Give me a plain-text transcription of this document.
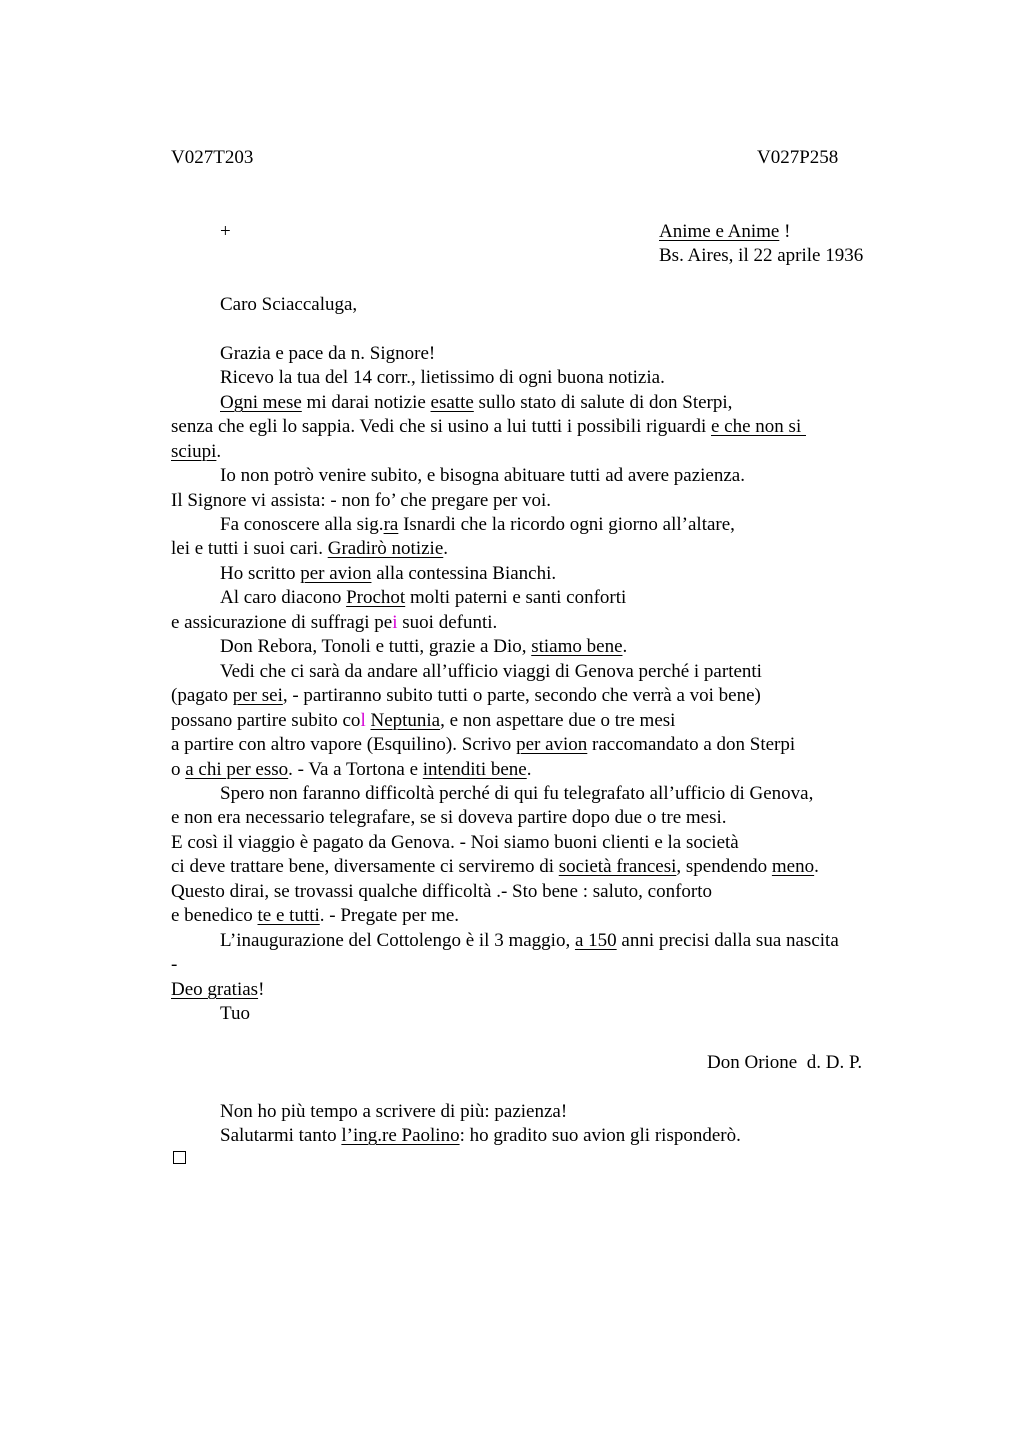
V027T203	V027P258
+	Anime e Anime !
Bs. Aires, il 22 aprile 1936
Caro Sciaccaluga,
Grazia e pace da n. Signore!
Ricevo la tua del 14 corr., lietissimo di ogni buona notizia.
Ogni mese mi darai notizie esatte sullo stato di salute di don Sterpi,
senza che egli lo sappia. Vedi che si usino a lui tutti i possibili riguardi e che non si
sciupi.
Io non potrò venire subito, e bisogna abituare tutti ad avere pazienza.
Il Signore vi assista: - non fo’ che pregare per voi.
Fa conoscere alla sig.ra Isnardi che la ricordo ogni giorno all’altare,
lei e tutti i suoi cari. Gradirò notizie.
Ho scritto per avion alla contessina Bianchi.
Al caro diacono Prochot molti paterni e santi conforti
e assicurazione di suffragi pei suoi defunti.
Don Rebora, Tonoli e tutti, grazie a Dio, stiamo bene.
Vedi che ci sarà da andare all’ufficio viaggi di Genova perché i partenti
(pagato per sei, - partiranno subito tutti o parte, secondo che verrà a voi bene)
possano partire subito col Neptunia, e non aspettare due o tre mesi
a partire con altro vapore (Esquilino). Scrivo per avion raccomandato a don Sterpi
o a chi per esso. - Va a Tortona e intenditi bene.
Spero non faranno difficoltà perché di qui fu telegrafato all’ufficio di Genova,
e non era necessario telegrafare, se si doveva partire dopo due o tre mesi.
E così il viaggio è pagato da Genova. - Noi siamo buoni clienti e la società
ci deve trattare bene, diversamente ci serviremo di società francesi, spendendo meno.
Questo dirai, se trovassi qualche difficoltà .- Sto bene : saluto, conforto
e benedico te e tutti. - Pregate per me.
L’inaugurazione del Cottolengo è il 3 maggio, a 150 anni precisi dalla sua nascita
-
Deo gratias!
Tuo
Don Orione  d. D. P.
Non ho più tempo a scrivere di più: pazienza!
Salutarmi tanto l’ing.re Paolino: ho gradito suo avion gli risponderò.
